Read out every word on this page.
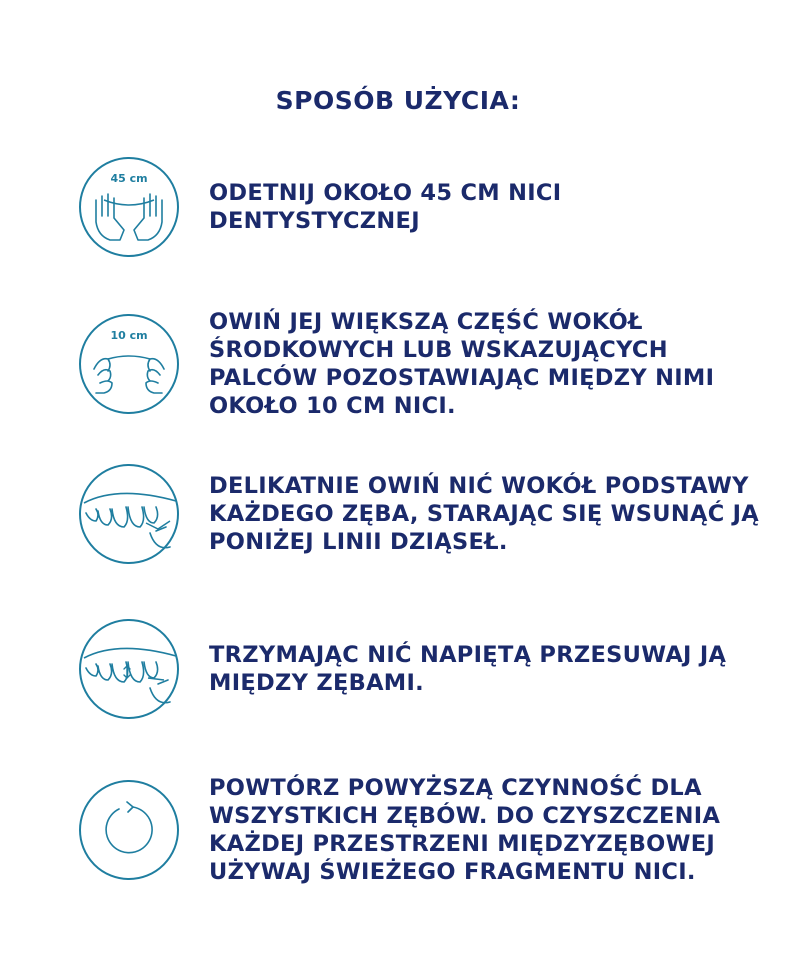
SPOSÓB UŻYCIA:
45 cm
ODETNIJ OKOŁO 45 CM NICI DENTYSTYCZNEJ
10 cm
OWIŃ JEJ WIĘKSZĄ CZĘŚĆ WOKÓŁ ŚRODKOWYCH LUB WSKAZUJĄCYCH PALCÓW POZOSTAWIAJĄC MIĘDZY NIMI OKOŁO 10 CM NICI.
DELIKATNIE OWIŃ NIĆ WOKÓŁ PODSTAWY KAŻDEGO ZĘBA, STARAJĄC SIĘ WSUNĄĆ JĄ PONIŻEJ LINII DZIĄSEŁ.
TRZYMAJĄC NIĆ NAPIĘTĄ PRZESUWAJ JĄ MIĘDZY ZĘBAMI.
POWTÓRZ POWYŻSZĄ CZYNNOŚĆ DLA WSZYSTKICH ZĘBÓW. DO CZYSZCZENIA KAŻDEJ PRZESTRZENI MIĘDZYZĘBOWEJ UŻYWAJ ŚWIEŻEGO FRAGMENTU NICI.
